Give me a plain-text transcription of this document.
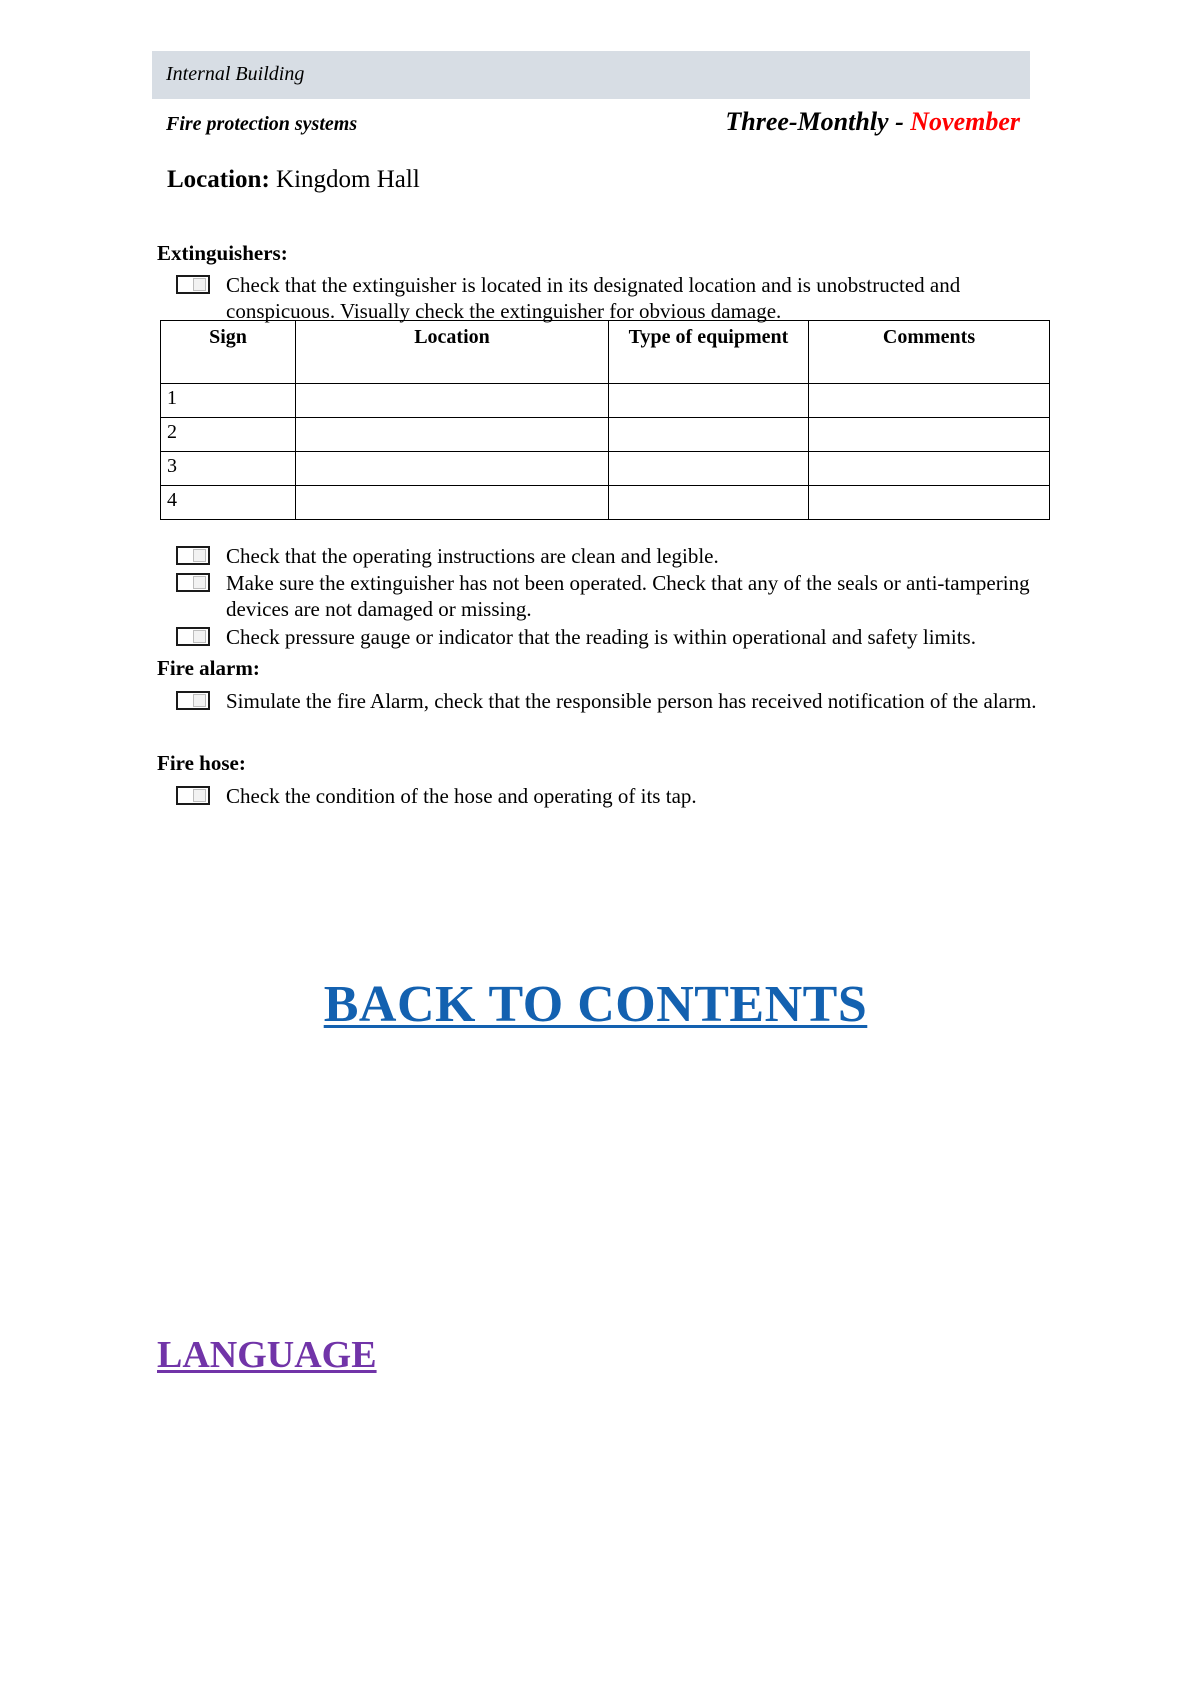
Internal Building
Fire protection systems	Three-Monthly - November
Location: Kingdom Hall
Extinguishers:
Check that the extinguisher is located in its designated location and is unobstructed and conspicuous. Visually check the extinguisher for obvious damage.
Sign	Location	Type of equipment	Comments
1			
2			
3			
4			
Check that the operating instructions are clean and legible.
Make sure the extinguisher has not been operated. Check that any of the seals or anti-tampering devices are not damaged or missing.
Check pressure gauge or indicator that the reading is within operational and safety limits.
Fire alarm:
Simulate the fire Alarm, check that the responsible person has received notification of the alarm.
Fire hose:
Check the condition of the hose and operating of its tap.
BACK TO CONTENTS
LANGUAGE
